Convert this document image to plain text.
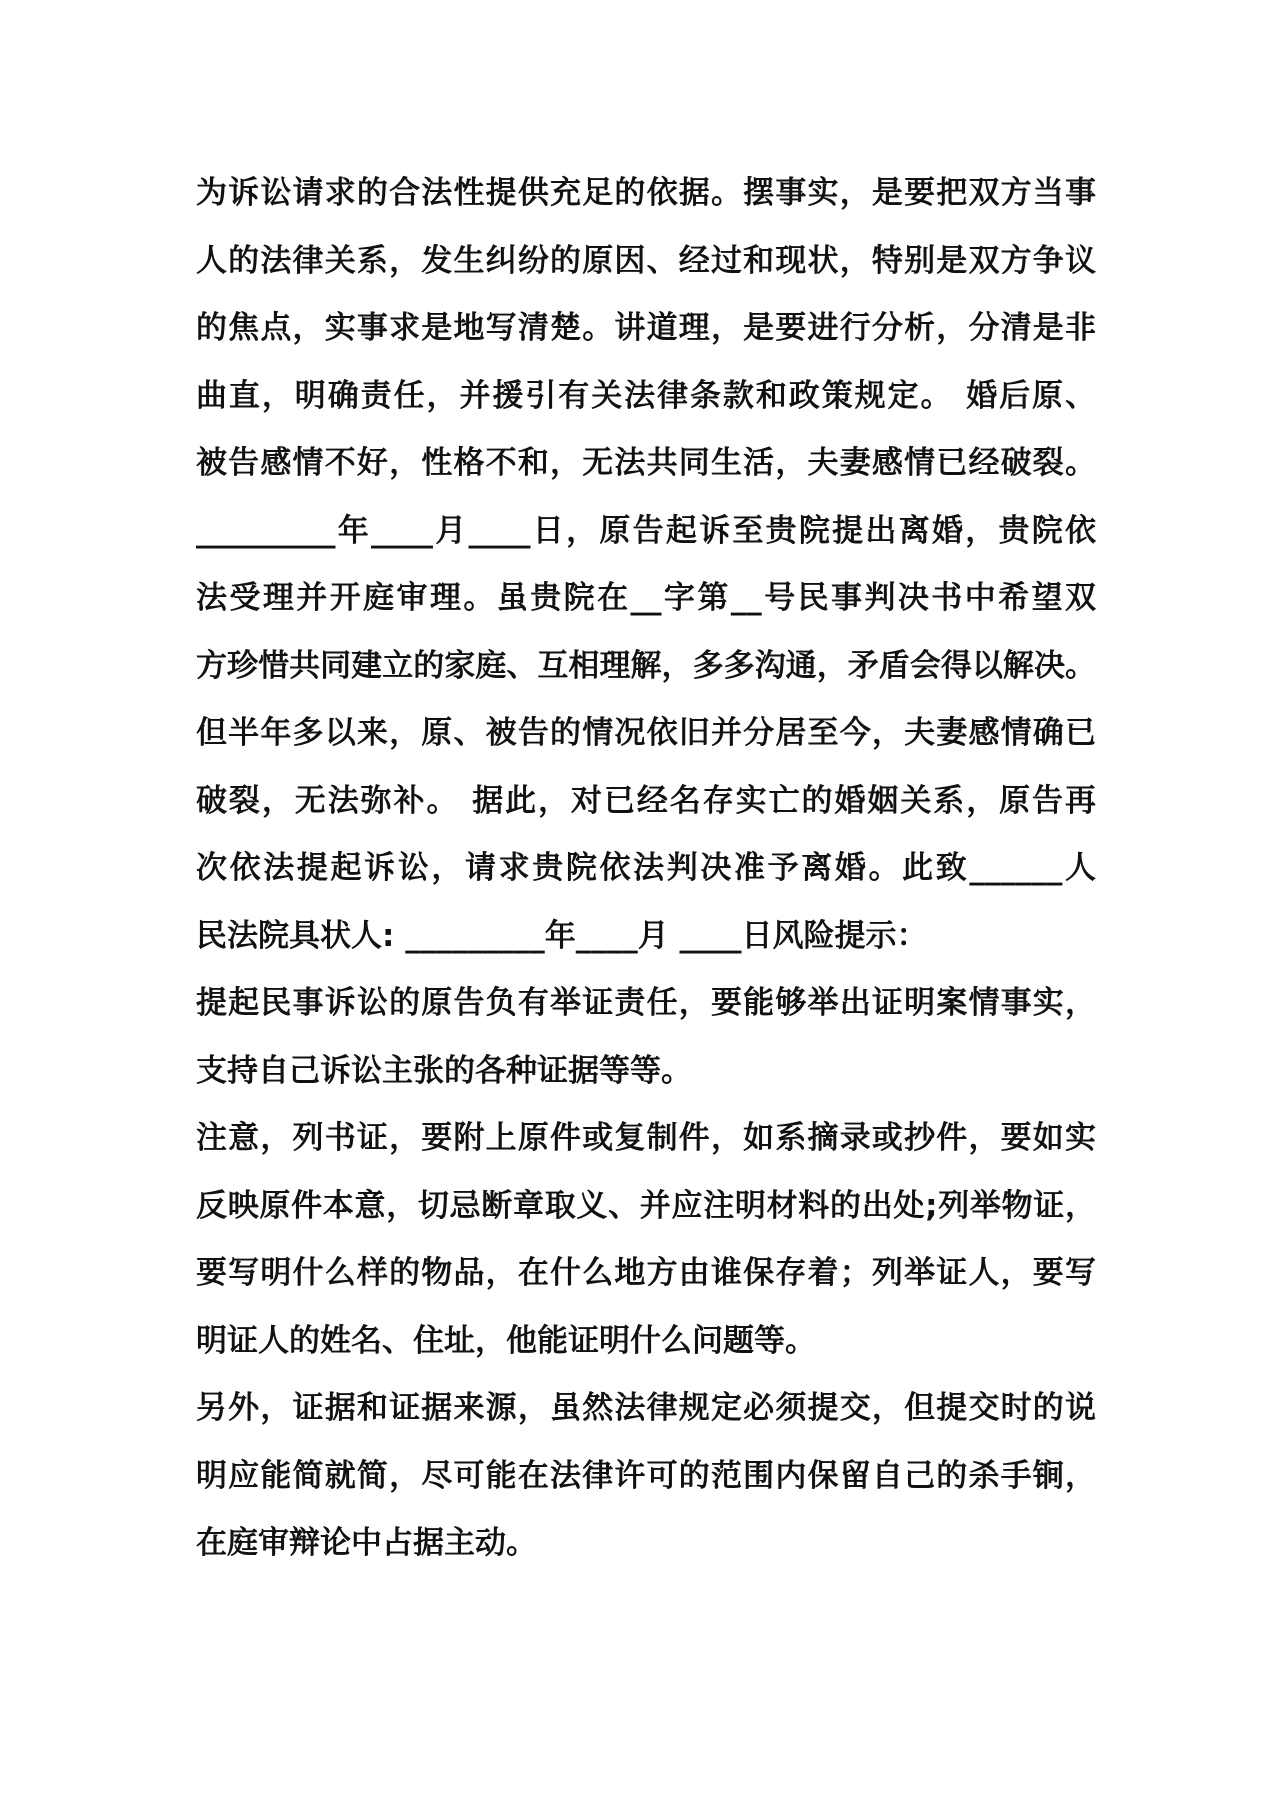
为诉讼请求的合法性提供充足的依据。摆事实，是要把双方当事
人的法律关系，发生纠纷的原因、经过和现状，特别是双方争议
的焦点，实事求是地写清楚。讲道理，是要进行分析，分清是非
曲直，明确责任，并援引有关法律条款和政策规定。 婚后原、
被告感情不好，性格不和，无法共同生活，夫妻感情已经破裂。
_________年____月____日，原告起诉至贵院提出离婚，贵院依
法受理并开庭审理。虽贵院在__字第__号民事判决书中希望双
方珍惜共同建立的家庭、互相理解，多多沟通，矛盾会得以解决。
但半年多以来，原、被告的情况依旧并分居至今，夫妻感情确已
破裂，无法弥补。 据此，对已经名存实亡的婚姻关系，原告再
次依法提起诉讼，请求贵院依法判决准予离婚。此致______人
民法院具状人: _________年____月 ____日风险提示：
提起民事诉讼的原告负有举证责任，要能够举出证明案情事实，
支持自己诉讼主张的各种证据等等。
注意，列书证，要附上原件或复制件，如系摘录或抄件，要如实
反映原件本意，切忌断章取义、并应注明材料的出处;列举物证，
要写明什么样的物品，在什么地方由谁保存着；列举证人，要写
明证人的姓名、住址，他能证明什么问题等。
另外，证据和证据来源，虽然法律规定必须提交，但提交时的说
明应能简就简，尽可能在法律许可的范围内保留自己的杀手锏，
在庭审辩论中占据主动。
